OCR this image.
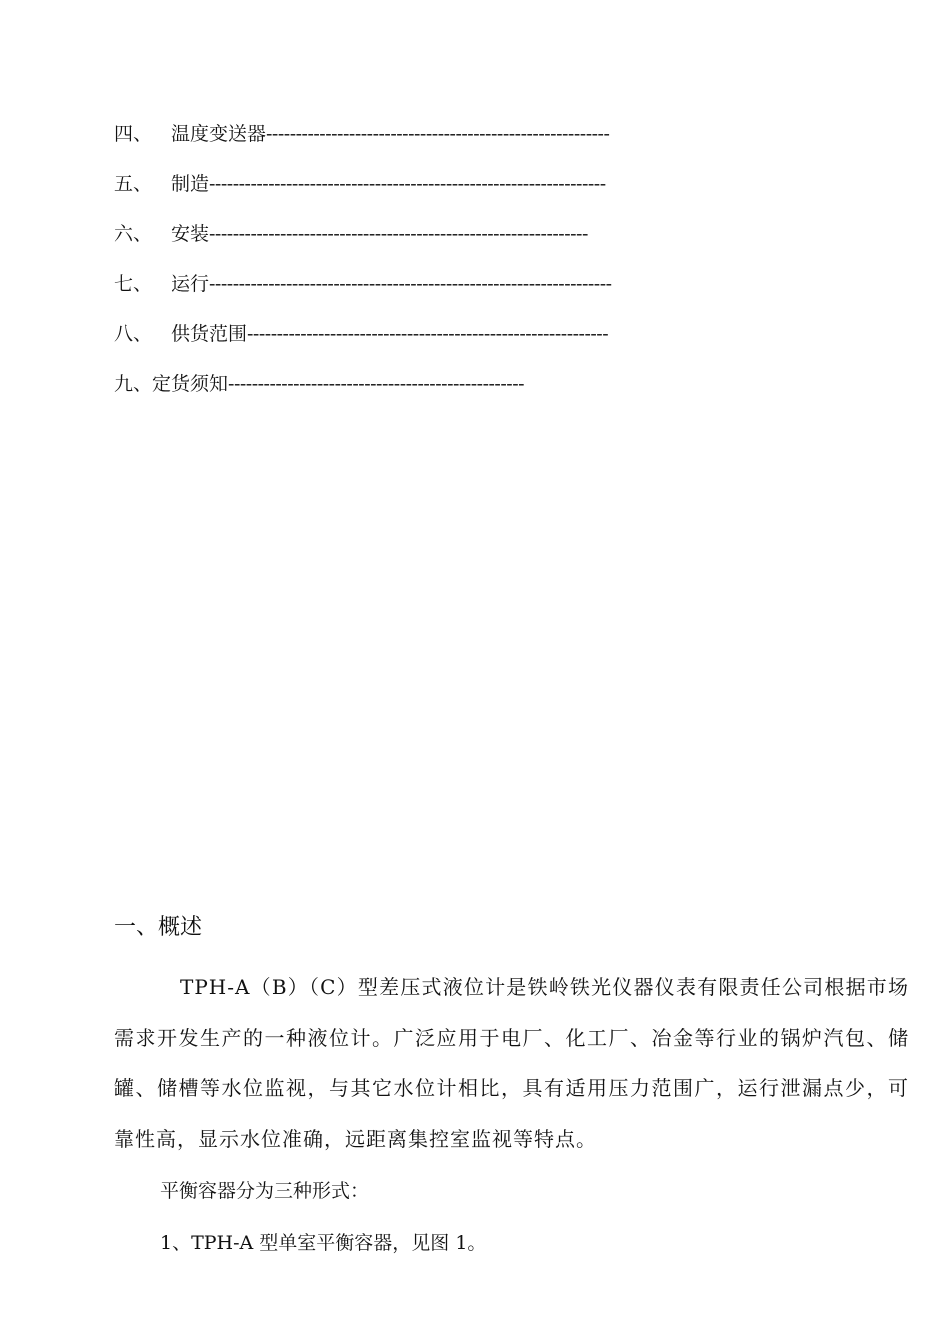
四、 温度变送器 ----------------------------------------------------------
五、 制造 -------------------------------------------------------------------
六、 安装 ----------------------------------------------------------------
七、 运行 --------------------------------------------------------------------
八、 供货范围 -------------------------------------------------------------
九、 定货须知 --------------------------------------------------
一、概述

TPH-A（B）（C）型差压式液位计是铁岭铁光仪器仪表有限责任公司根据市场需求开发生产的一种液位计。广泛应用于电厂、化工厂、冶金等行业的锅炉汽包、储罐、储槽等水位监视，与其它水位计相比，具有适用压力范围广，运行泄漏点少，可靠性高，显示水位准确，远距离集控室监视等特点。

平衡容器分为三种形式：
1、TPH-A 型单室平衡容器，见图 1。
